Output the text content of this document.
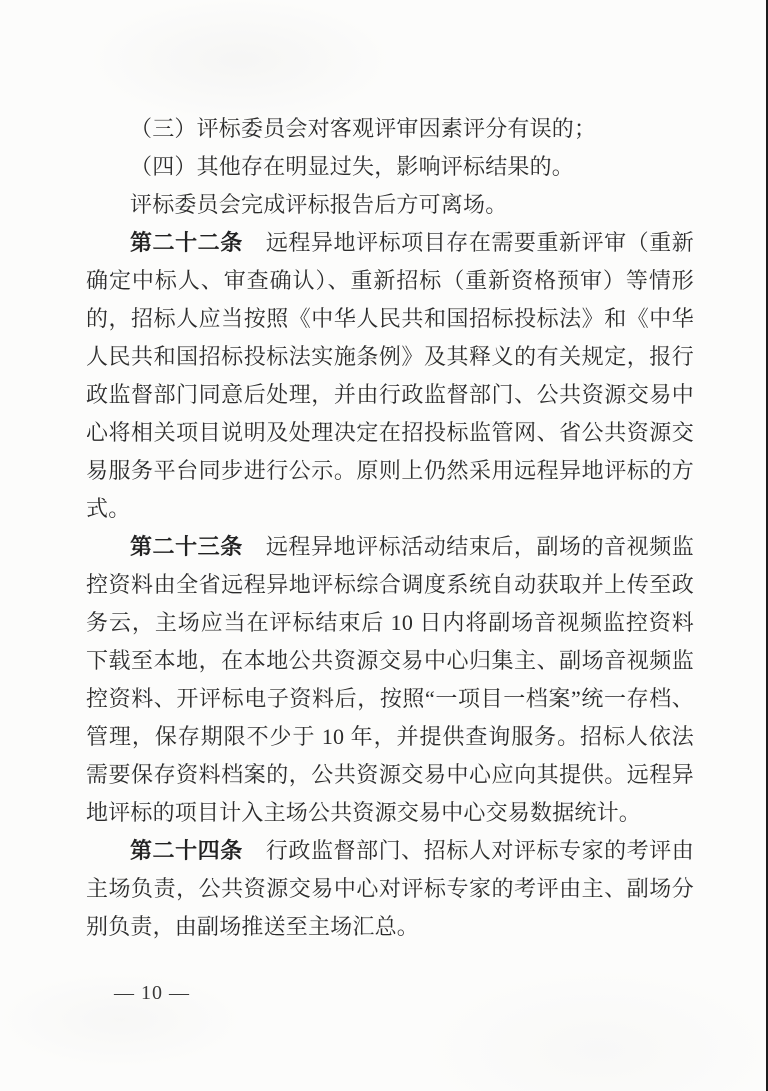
（三）评标委员会对客观评审因素评分有误的；

（四）其他存在明显过失，影响评标结果的。

评标委员会完成评标报告后方可离场。

第二十二条 远程异地评标项目存在需要重新评审（重新确定中标人、审查确认）、重新招标（重新资格预审）等情形的，招标人应当按照《中华人民共和国招标投标法》和《中华人民共和国招标投标法实施条例》及其释义的有关规定，报行政监督部门同意后处理，并由行政监督部门、公共资源交易中心将相关项目说明及处理决定在招投标监管网、省公共资源交易服务平台同步进行公示。原则上仍然采用远程异地评标的方式。

第二十三条 远程异地评标活动结束后，副场的音视频监控资料由全省远程异地评标综合调度系统自动获取并上传至政务云，主场应当在评标结束后 10 日内将副场音视频监控资料下载至本地，在本地公共资源交易中心归集主、副场音视频监控资料、开评标电子资料后，按照“一项目一档案”统一存档、管理，保存期限不少于 10 年，并提供查询服务。招标人依法需要保存资料档案的，公共资源交易中心应向其提供。远程异地评标的项目计入主场公共资源交易中心交易数据统计。

第二十四条 行政监督部门、招标人对评标专家的考评由主场负责，公共资源交易中心对评标专家的考评由主、副场分别负责，由副场推送至主场汇总。

— 10 —
